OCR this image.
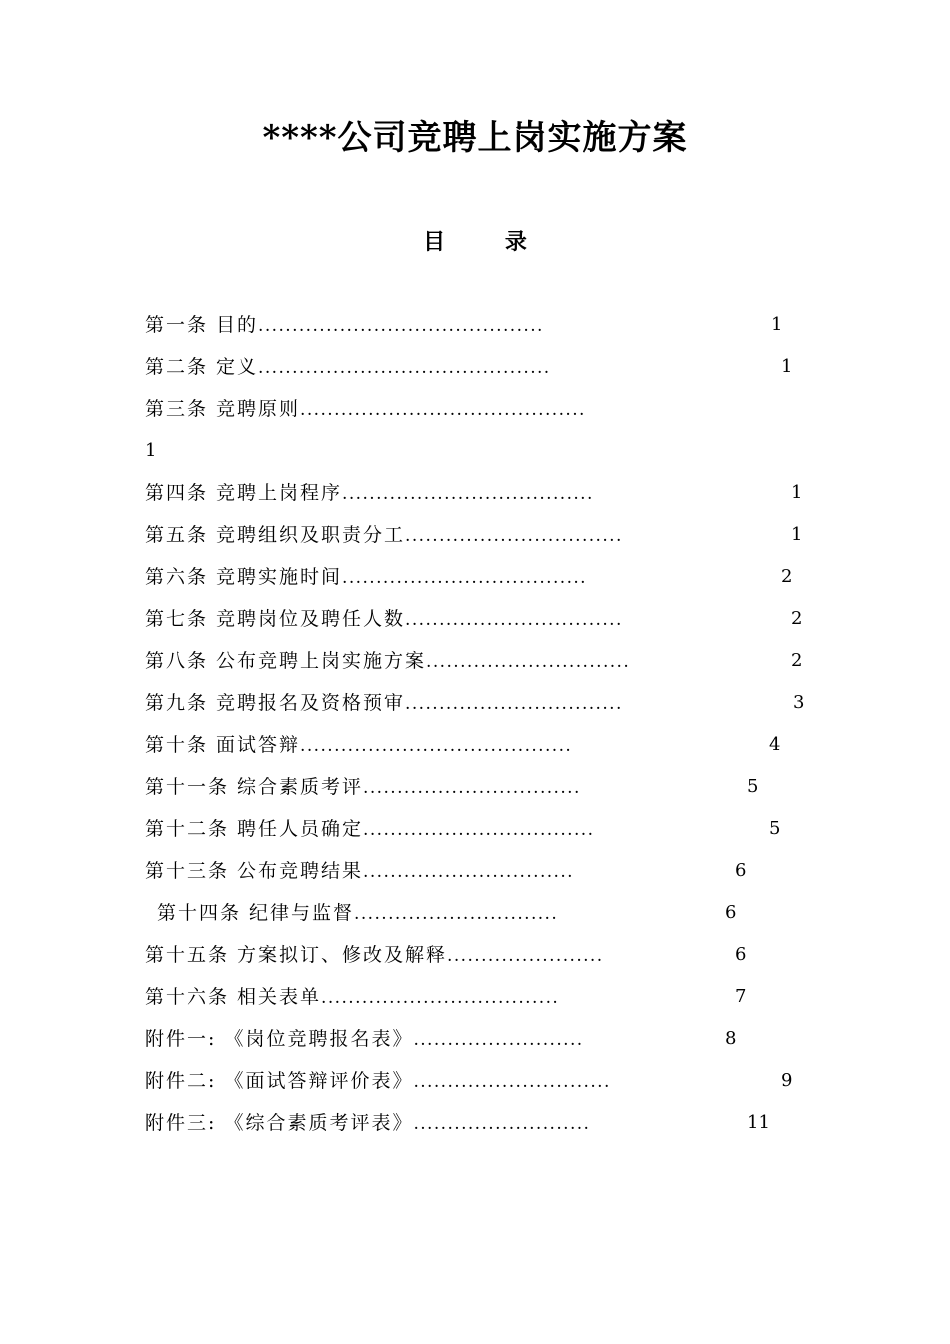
****公司竞聘上岗实施方案
目 录
第一条 目的..........................................	1
第二条 定义...........................................	1
第三条 竞聘原则..........................................
1
第四条 竞聘上岗程序.....................................	1
第五条 竞聘组织及职责分工................................	1
第六条 竞聘实施时间....................................	2
第七条 竞聘岗位及聘任人数................................	2
第八条 公布竞聘上岗实施方案..............................	2
第九条 竞聘报名及资格预审................................	3
第十条 面试答辩........................................	4
第十一条 综合素质考评................................	5
第十二条 聘任人员确定..................................	5
第十三条 公布竞聘结果...............................	6
第十四条 纪律与监督..............................	6
第十五条 方案拟订、修改及解释.......................	6
第十六条 相关表单...................................	7
附件一: 《岗位竞聘报名表》.........................	8
附件二: 《面试答辩评价表》.............................	9
附件三: 《综合素质考评表》..........................	11
